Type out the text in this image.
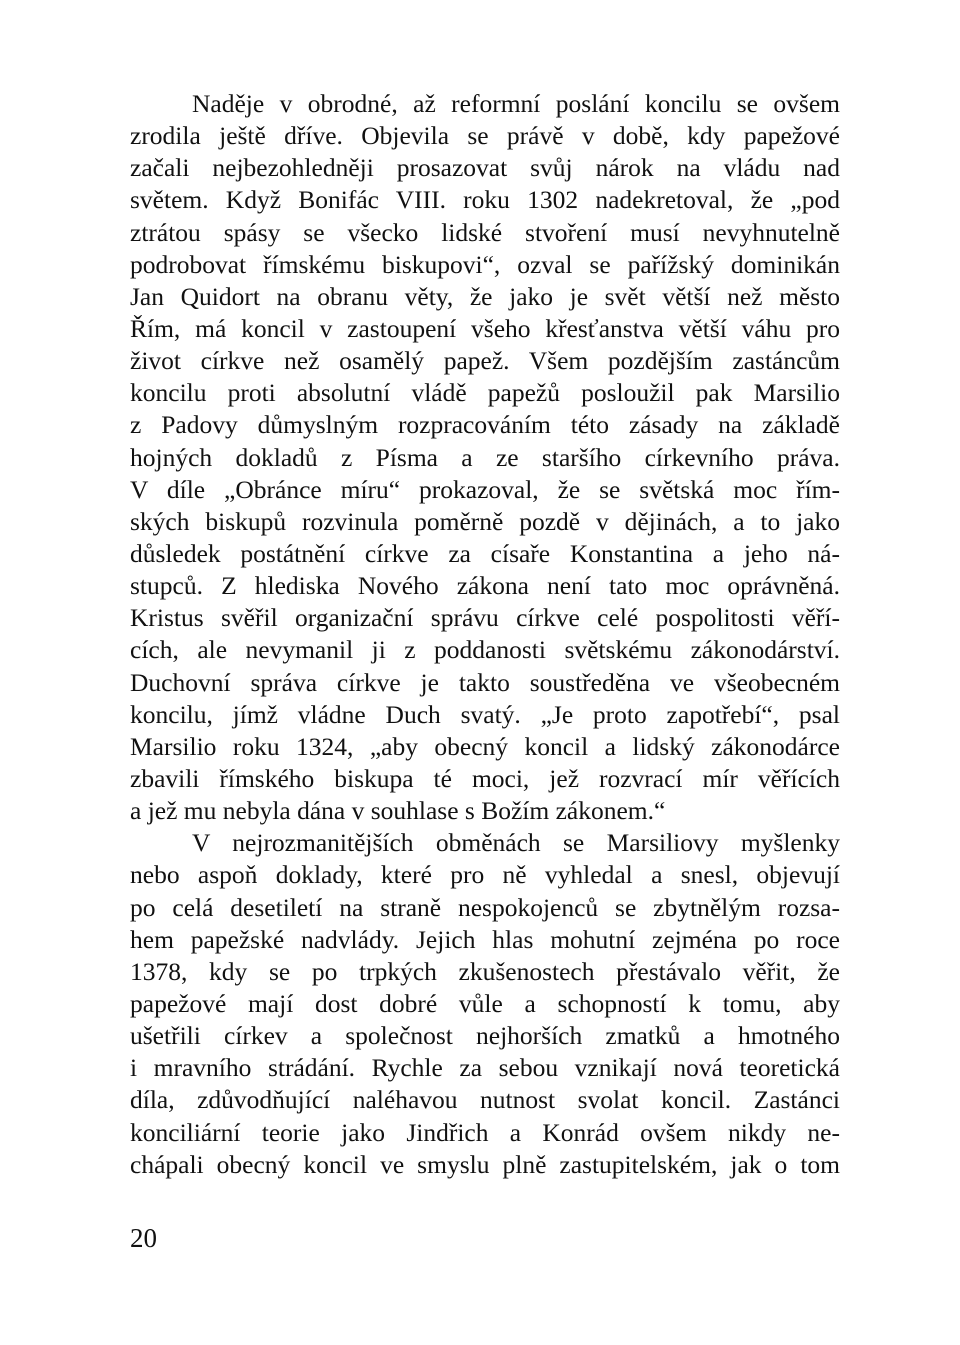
Naděje v obrodné, až reformní poslání koncilu se ovšem
zrodila ještě dříve. Objevila se právě v době, kdy papežové
začali nejbezohledněji prosazovat svůj nárok na vládu nad
světem. Když Bonifác VIII. roku 1302 nadekretoval, že „pod
ztrátou spásy se všecko lidské stvoření musí nevyhnutelně
podrobovat římskému biskupovi“, ozval se pařížský dominikán
Jan Quidort na obranu věty, že jako je svět větší než město
Řím, má koncil v zastoupení všeho křesťanstva větší váhu pro
život církve než osamělý papež. Všem pozdějším zastáncům
koncilu proti absolutní vládě papežů posloužil pak Marsilio
z Padovy důmyslným rozpracováním této zásady na základě
hojných dokladů z Písma a ze staršího církevního práva.
V díle „Obránce míru“ prokazoval, že se světská moc řím-
ských biskupů rozvinula poměrně pozdě v dějinách, a to jako
důsledek postátnění církve za císaře Konstantina a jeho ná-
stupců. Z hlediska Nového zákona není tato moc oprávněná.
Kristus svěřil organizační správu církve celé pospolitosti věří-
cích, ale nevymanil ji z poddanosti světskému zákonodárství.
Duchovní správa církve je takto soustředěna ve všeobecném
koncilu, jímž vládne Duch svatý. „Je proto zapotřebí“, psal
Marsilio roku 1324, „aby obecný koncil a lidský zákonodárce
zbavili římského biskupa té moci, jež rozvrací mír věřících
a jež mu nebyla dána v souhlase s Božím zákonem.“
V nejrozmanitějších obměnách se Marsiliovy myšlenky
nebo aspoň doklady, které pro ně vyhledal a snesl, objevují
po celá desetiletí na straně nespokojenců se zbytnělým rozsa-
hem papežské nadvlády. Jejich hlas mohutní zejména po roce
1378, kdy se po trpkých zkušenostech přestávalo věřit, že
papežové mají dost dobré vůle a schopností k tomu, aby
ušetřili církev a společnost nejhorších zmatků a hmotného
i mravního strádání. Rychle za sebou vznikají nová teoretická
díla, zdůvodňující naléhavou nutnost svolat koncil. Zastánci
konciliární teorie jako Jindřich a Konrád ovšem nikdy ne-
chápali obecný koncil ve smyslu plně zastupitelském, jak o tom
20
